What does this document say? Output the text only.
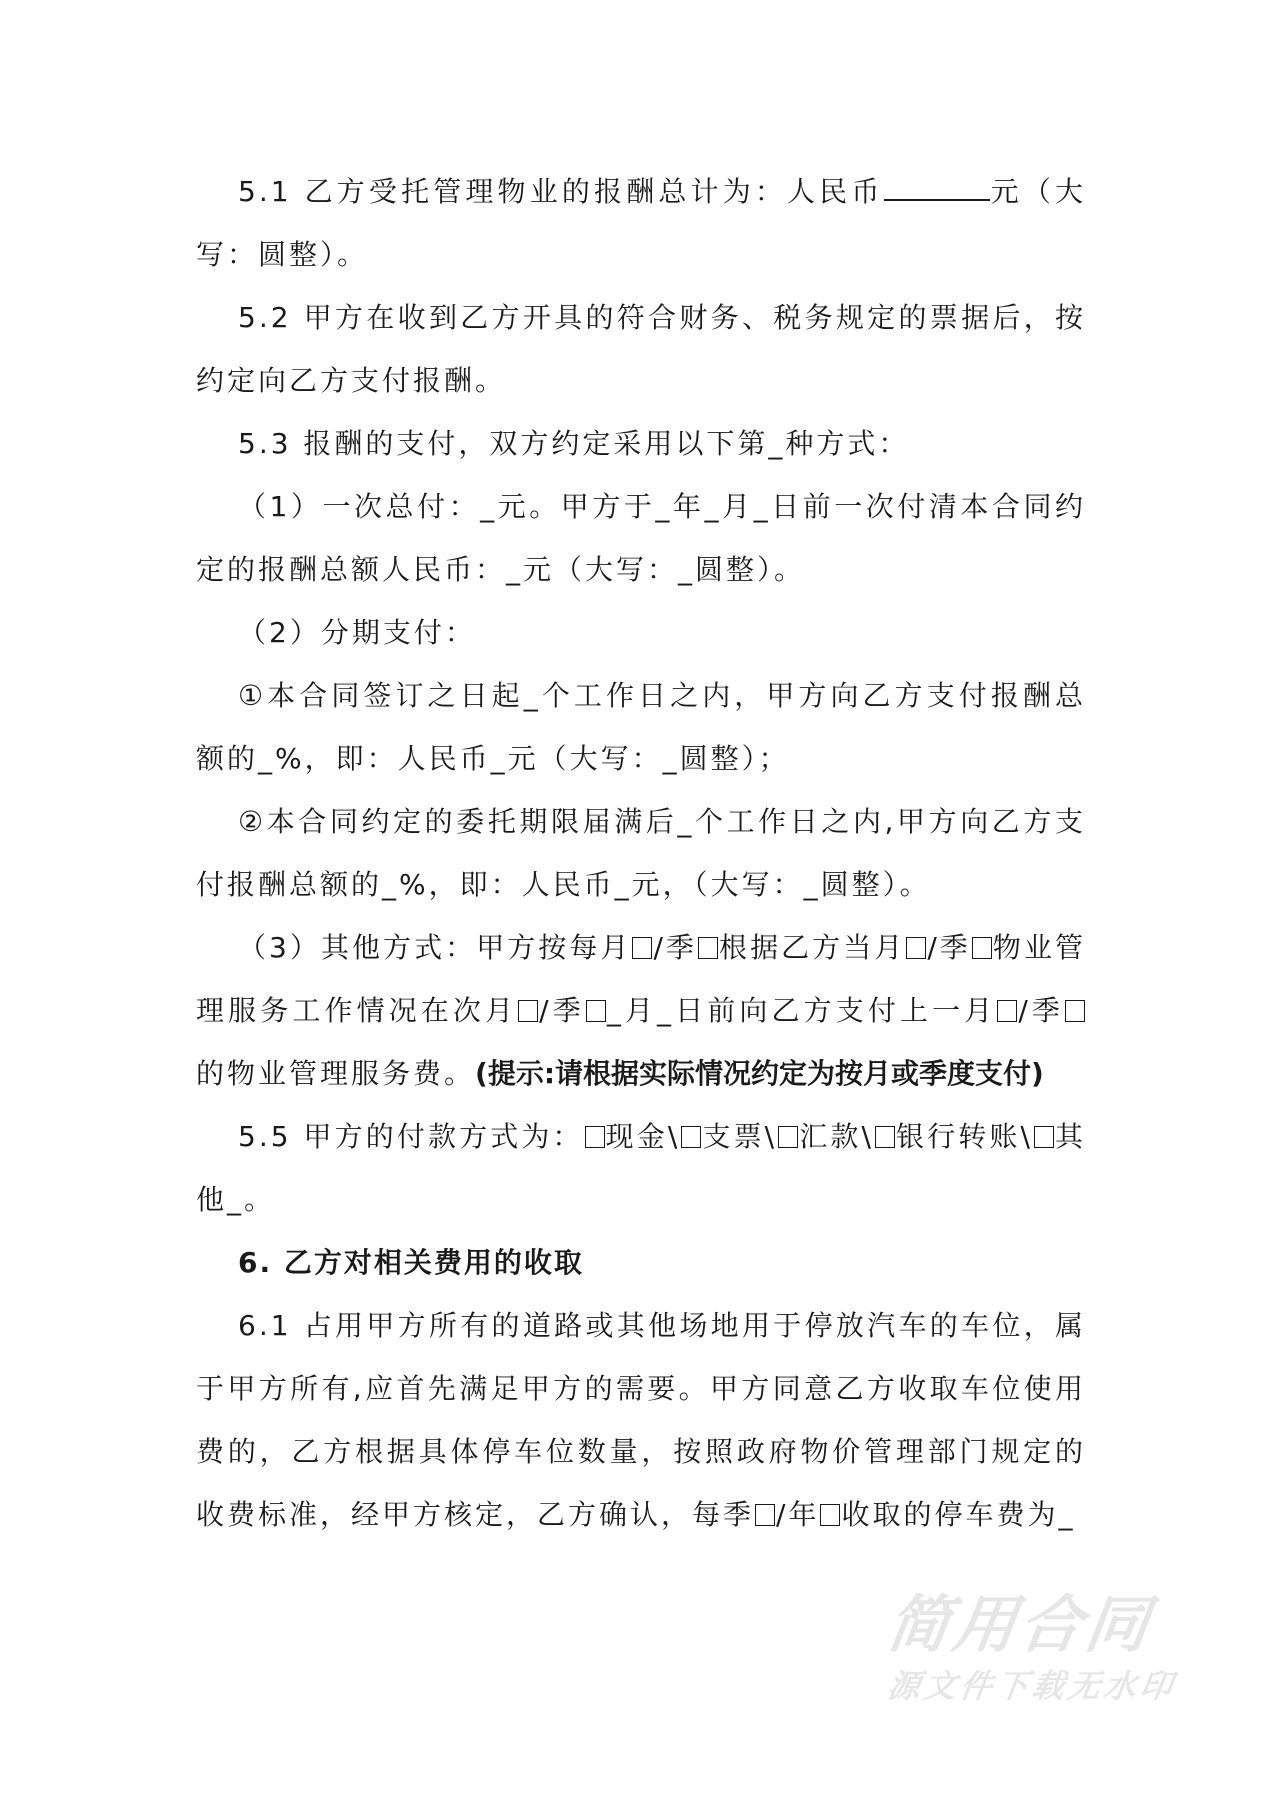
5.1 乙方受托管理物业的报酬总计为：人民币	元（大写：圆整）。

5.2 甲方在收到乙方开具的符合财务、税务规定的票据后，按约定向乙方支付报酬。

5.3 报酬的支付，双方约定采用以下第_种方式：

（1）一次总付：_元。甲方于_年_月_日前一次付清本合同约定的报酬总额人民币：_元（大写：_圆整）。

（2）分期支付：

①本合同签订之日起_个工作日之内，甲方向乙方支付报酬总额的_%，即：人民币_元（大写：_圆整）；

②本合同约定的委托期限届满后_个工作日之内,甲方向乙方支付报酬总额的_%，即：人民币_元，（大写：_圆整）。

（3）其他方式：甲方按每月 /季 根据乙方当月 /季 物业管理服务工作情况在次月 /季 _月_日前向乙方支付上一月 /季的物业管理服务费。(提示:请根据实际情况约定为按月或季度支付)

5.5 甲方的付款方式为： 现金\ 支票\ 汇款\ 银行转账\ 其他_。

6. 乙方对相关费用的收取

6.1 占用甲方所有的道路或其他场地用于停放汽车的车位，属于甲方所有,应首先满足甲方的需要。甲方同意乙方收取车位使用费的，乙方根据具体停车位数量，按照政府物价管理部门规定的收费标准，经甲方核定，乙方确认，每季 /年 收取的停车费为_

简用合同
源文件下载无水印
